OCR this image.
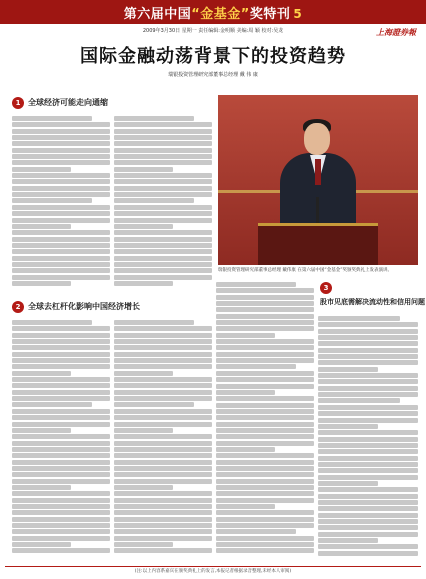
第六届中国“金基金”奖特刊 5
2009年3月30日 星期一 责任编辑:金明顺 美编:周 颖 校对:吴龙	上海證券報
国际金融动荡背景下的投资趋势
瑞银投资管理研究部董事总经理 戴 伟 康
1 全球经济可能走向通缩
2 全球去杠杆化影响中国经济增长
瑞银投资管理研究部董事总经理 戴伟康 在第六届中国“金基金”奖颁奖典礼上发表演讲。
3
股市见底需解决流动性和信用问题
(注:以上内容系嘉宾在颁奖典礼上的发言,本报记者根据录音整理,未经本人审阅)
